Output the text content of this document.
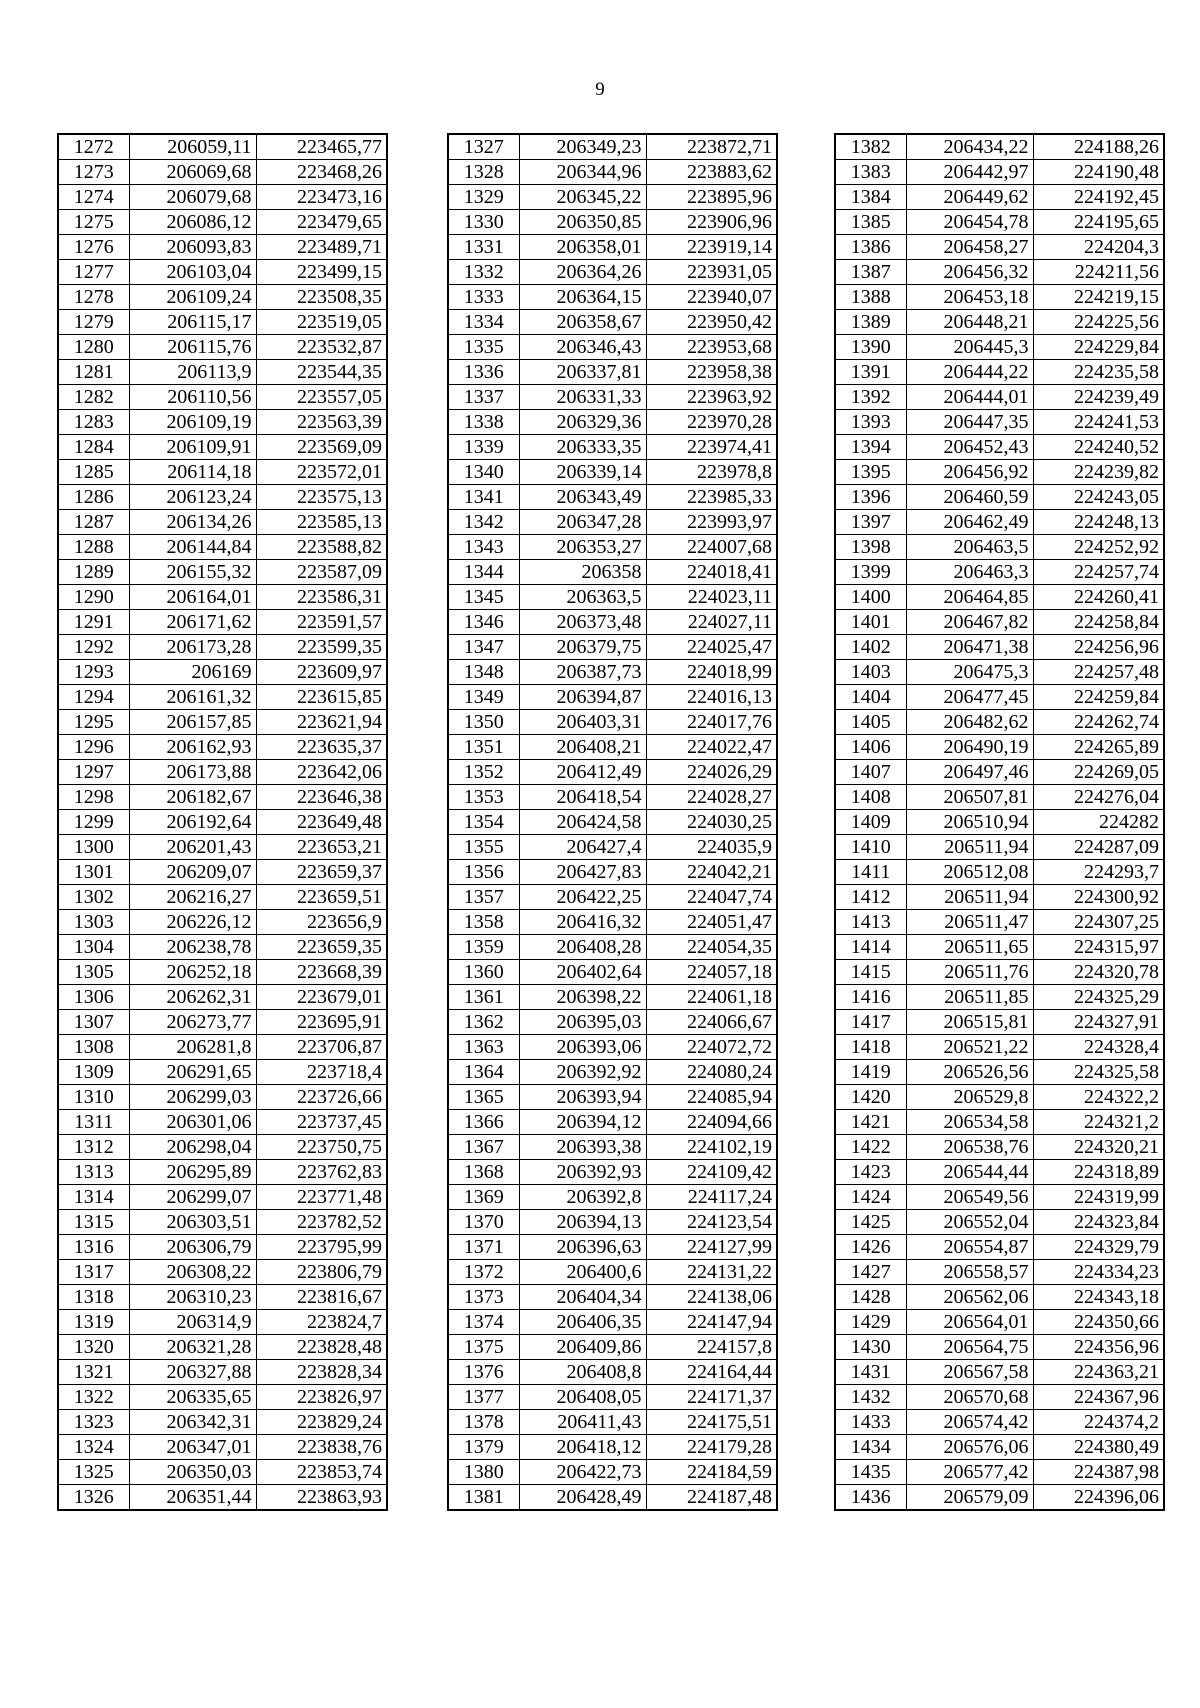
9
1272	206059,11	223465,77
1273	206069,68	223468,26
1274	206079,68	223473,16
1275	206086,12	223479,65
1276	206093,83	223489,71
1277	206103,04	223499,15
1278	206109,24	223508,35
1279	206115,17	223519,05
1280	206115,76	223532,87
1281	206113,9	223544,35
1282	206110,56	223557,05
1283	206109,19	223563,39
1284	206109,91	223569,09
1285	206114,18	223572,01
1286	206123,24	223575,13
1287	206134,26	223585,13
1288	206144,84	223588,82
1289	206155,32	223587,09
1290	206164,01	223586,31
1291	206171,62	223591,57
1292	206173,28	223599,35
1293	206169	223609,97
1294	206161,32	223615,85
1295	206157,85	223621,94
1296	206162,93	223635,37
1297	206173,88	223642,06
1298	206182,67	223646,38
1299	206192,64	223649,48
1300	206201,43	223653,21
1301	206209,07	223659,37
1302	206216,27	223659,51
1303	206226,12	223656,9
1304	206238,78	223659,35
1305	206252,18	223668,39
1306	206262,31	223679,01
1307	206273,77	223695,91
1308	206281,8	223706,87
1309	206291,65	223718,4
1310	206299,03	223726,66
1311	206301,06	223737,45
1312	206298,04	223750,75
1313	206295,89	223762,83
1314	206299,07	223771,48
1315	206303,51	223782,52
1316	206306,79	223795,99
1317	206308,22	223806,79
1318	206310,23	223816,67
1319	206314,9	223824,7
1320	206321,28	223828,48
1321	206327,88	223828,34
1322	206335,65	223826,97
1323	206342,31	223829,24
1324	206347,01	223838,76
1325	206350,03	223853,74
1326	206351,44	223863,93
1327	206349,23	223872,71
1328	206344,96	223883,62
1329	206345,22	223895,96
1330	206350,85	223906,96
1331	206358,01	223919,14
1332	206364,26	223931,05
1333	206364,15	223940,07
1334	206358,67	223950,42
1335	206346,43	223953,68
1336	206337,81	223958,38
1337	206331,33	223963,92
1338	206329,36	223970,28
1339	206333,35	223974,41
1340	206339,14	223978,8
1341	206343,49	223985,33
1342	206347,28	223993,97
1343	206353,27	224007,68
1344	206358	224018,41
1345	206363,5	224023,11
1346	206373,48	224027,11
1347	206379,75	224025,47
1348	206387,73	224018,99
1349	206394,87	224016,13
1350	206403,31	224017,76
1351	206408,21	224022,47
1352	206412,49	224026,29
1353	206418,54	224028,27
1354	206424,58	224030,25
1355	206427,4	224035,9
1356	206427,83	224042,21
1357	206422,25	224047,74
1358	206416,32	224051,47
1359	206408,28	224054,35
1360	206402,64	224057,18
1361	206398,22	224061,18
1362	206395,03	224066,67
1363	206393,06	224072,72
1364	206392,92	224080,24
1365	206393,94	224085,94
1366	206394,12	224094,66
1367	206393,38	224102,19
1368	206392,93	224109,42
1369	206392,8	224117,24
1370	206394,13	224123,54
1371	206396,63	224127,99
1372	206400,6	224131,22
1373	206404,34	224138,06
1374	206406,35	224147,94
1375	206409,86	224157,8
1376	206408,8	224164,44
1377	206408,05	224171,37
1378	206411,43	224175,51
1379	206418,12	224179,28
1380	206422,73	224184,59
1381	206428,49	224187,48
1382	206434,22	224188,26
1383	206442,97	224190,48
1384	206449,62	224192,45
1385	206454,78	224195,65
1386	206458,27	224204,3
1387	206456,32	224211,56
1388	206453,18	224219,15
1389	206448,21	224225,56
1390	206445,3	224229,84
1391	206444,22	224235,58
1392	206444,01	224239,49
1393	206447,35	224241,53
1394	206452,43	224240,52
1395	206456,92	224239,82
1396	206460,59	224243,05
1397	206462,49	224248,13
1398	206463,5	224252,92
1399	206463,3	224257,74
1400	206464,85	224260,41
1401	206467,82	224258,84
1402	206471,38	224256,96
1403	206475,3	224257,48
1404	206477,45	224259,84
1405	206482,62	224262,74
1406	206490,19	224265,89
1407	206497,46	224269,05
1408	206507,81	224276,04
1409	206510,94	224282
1410	206511,94	224287,09
1411	206512,08	224293,7
1412	206511,94	224300,92
1413	206511,47	224307,25
1414	206511,65	224315,97
1415	206511,76	224320,78
1416	206511,85	224325,29
1417	206515,81	224327,91
1418	206521,22	224328,4
1419	206526,56	224325,58
1420	206529,8	224322,2
1421	206534,58	224321,2
1422	206538,76	224320,21
1423	206544,44	224318,89
1424	206549,56	224319,99
1425	206552,04	224323,84
1426	206554,87	224329,79
1427	206558,57	224334,23
1428	206562,06	224343,18
1429	206564,01	224350,66
1430	206564,75	224356,96
1431	206567,58	224363,21
1432	206570,68	224367,96
1433	206574,42	224374,2
1434	206576,06	224380,49
1435	206577,42	224387,98
1436	206579,09	224396,06
